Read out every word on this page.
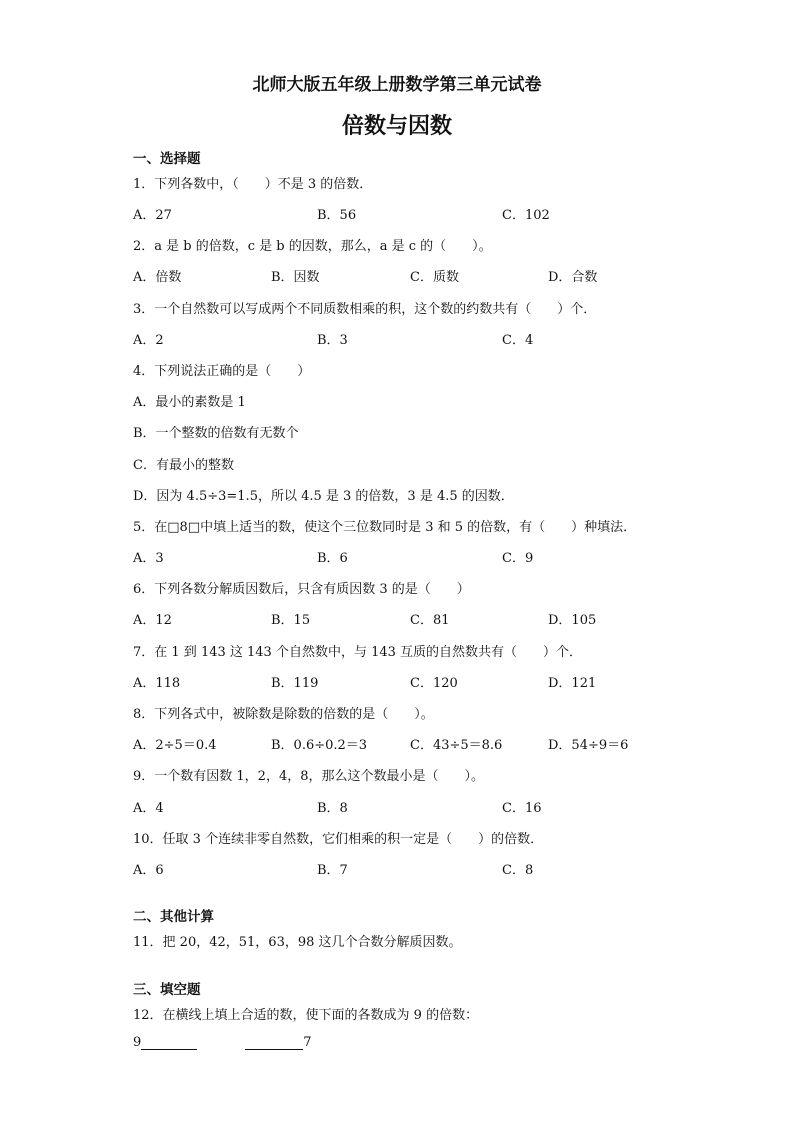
北师大版五年级上册数学第三单元试卷
倍数与因数
一、选择题
1．下列各数中，（　　）不是 3 的倍数．
A．27	B．56	C．102
2．a 是 b 的倍数，c 是 b 的因数，那么，a 是 c 的（　　）。
A．倍数	B．因数	C．质数	D．合数
3．一个自然数可以写成两个不同质数相乘的积，这个数的约数共有（　　）个．
A．2	B．3	C．4
4．下列说法正确的是（　　）
A．最小的素数是 1
B．一个整数的倍数有无数个
C．有最小的整数
D．因为 4.5÷3=1.5，所以 4.5 是 3 的倍数，3 是 4.5 的因数．
5．在□8□中填上适当的数，使这个三位数同时是 3 和 5 的倍数，有（　　）种填法．
A．3	B．6	C．9
6．下列各数分解质因数后，只含有质因数 3 的是（　　）
A．12	B．15	C．81	D．105
7．在 1 到 143 这 143 个自然数中，与 143 互质的自然数共有（　　）个．
A．118	B．119	C．120	D．121
8．下列各式中，被除数是除数的倍数的是（　　）。
A．2÷5＝0.4	B．0.6÷0.2＝3	C．43÷5＝8.6	D．54÷9＝6
9．一个数有因数 1，2，4，8，那么这个数最小是（　　）。
A．4	B．8	C．16
10．任取 3 个连续非零自然数，它们相乘的积一定是（　　）的倍数．
A．6	B．7	C．8
二、其他计算
11．把 20，42，51，63，98 这几个合数分解质因数。
三、填空题
12．在横线上填上合适的数，使下面的各数成为 9 的倍数：
9	7
